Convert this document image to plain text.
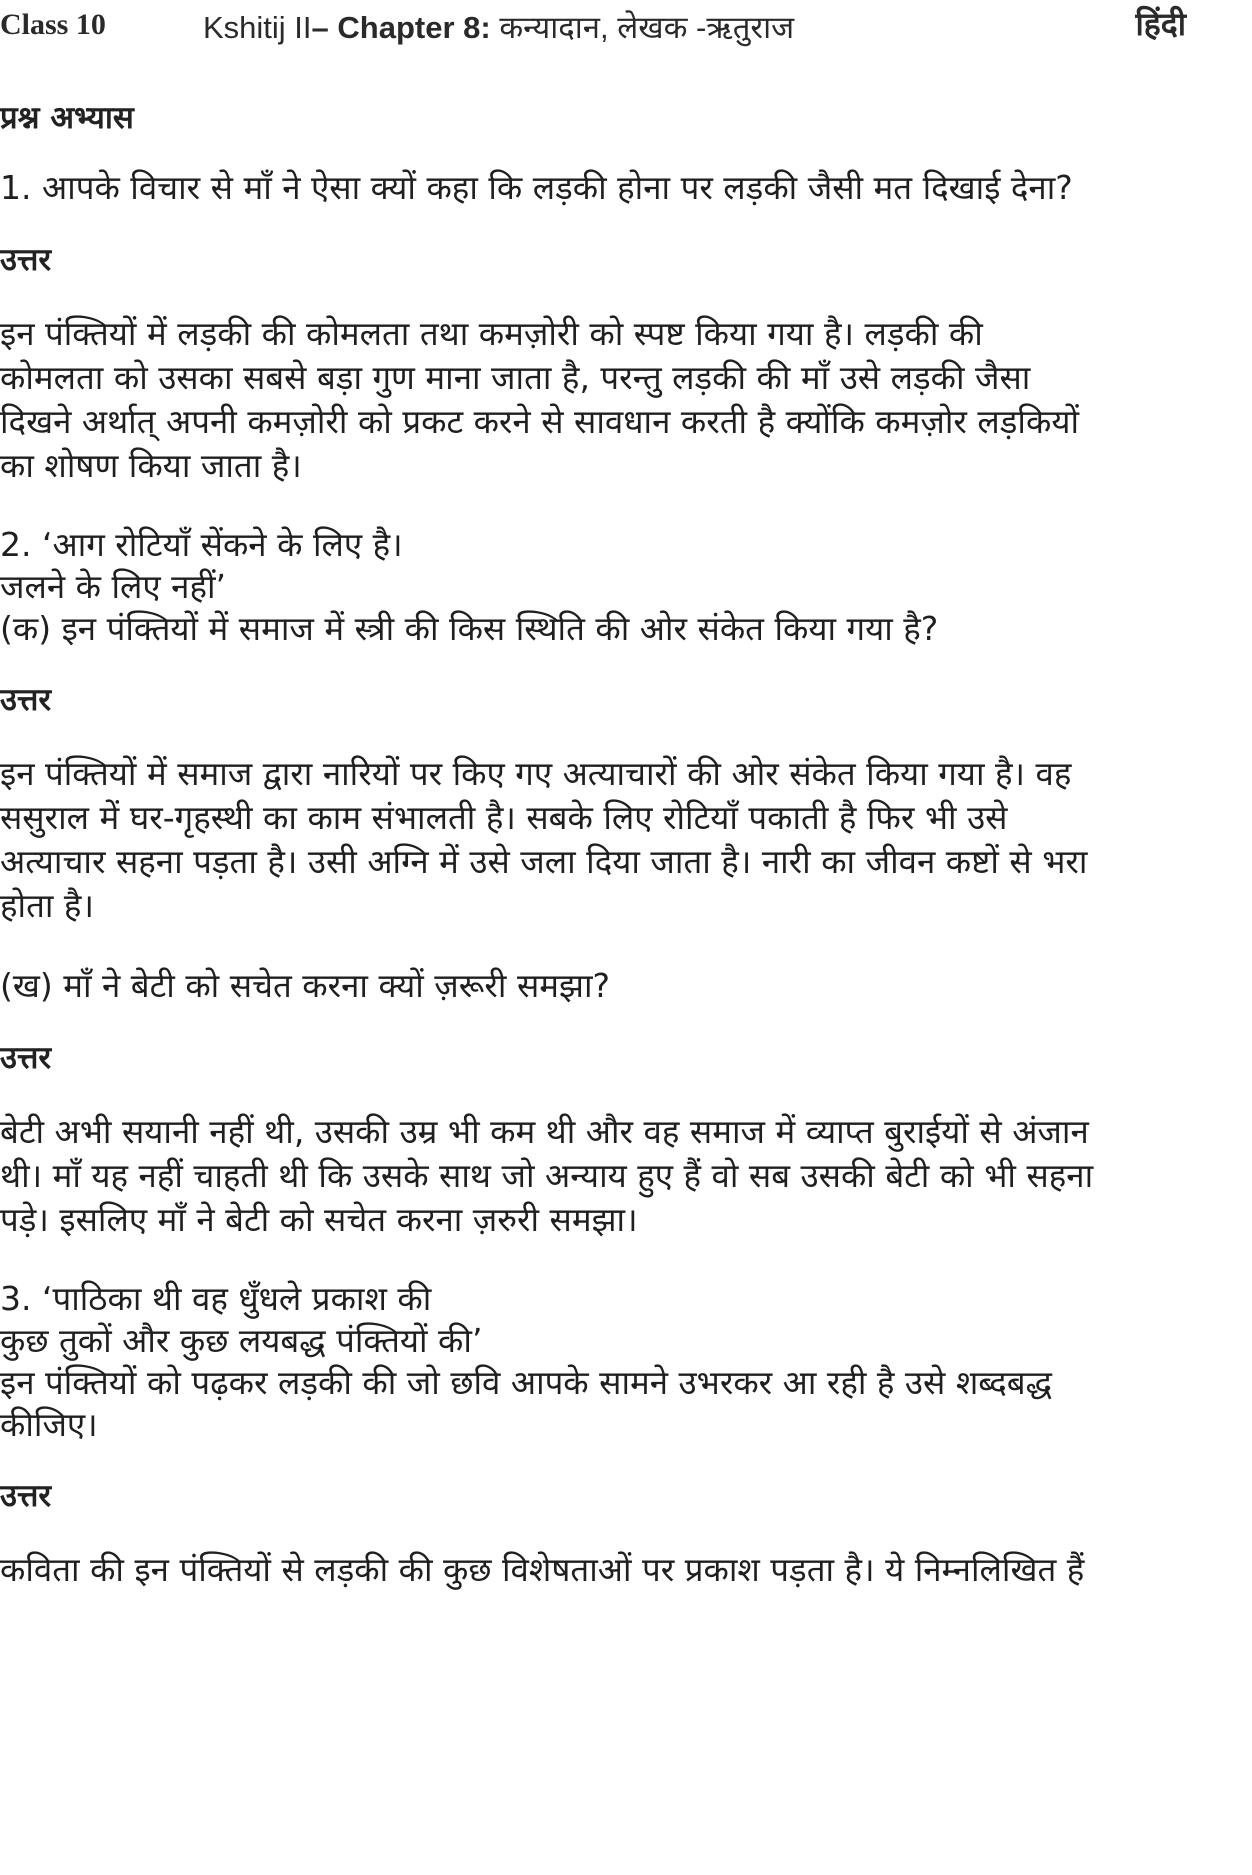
Class 10	Kshitij II– Chapter 8: कन्यादान, लेखक -ऋतुराज	हिंदी
प्रश्न अभ्यास

1. आपके विचार से माँ ने ऐसा क्यों कहा कि लड़की होना पर लड़की जैसी मत दिखाई देना?

उत्तर

इन पंक्तियों में लड़की की कोमलता तथा कमज़ोरी को स्पष्ट किया गया है। लड़की की

कोमलता को उसका सबसे बड़ा गुण माना जाता है, परन्तु लड़की की माँ उसे लड़की जैसा

दिखने अर्थात् अपनी कमज़ोरी को प्रकट करने से सावधान करती है क्योंकि कमज़ोर लड़कियों

का शोषण किया जाता है।

2. ‘आग रोटियाँ सेंकने के लिए है।

जलने के लिए नहीं’

(क) इन पंक्तियों में समाज में स्त्री की किस स्थिति की ओर संकेत किया गया है?

उत्तर

इन पंक्तियों में समाज द्वारा नारियों पर किए गए अत्याचारों की ओर संकेत किया गया है। वह

ससुराल में घर-गृहस्थी का काम संभालती है। सबके लिए रोटियाँ पकाती है फिर भी उसे

अत्याचार सहना पड़ता है। उसी अग्नि में उसे जला दिया जाता है। नारी का जीवन कष्टों से भरा

होता है।

(ख) माँ ने बेटी को सचेत करना क्यों ज़रूरी समझा?

उत्तर

बेटी अभी सयानी नहीं थी, उसकी उम्र भी कम थी और वह समाज में व्याप्त बुराईयों से अंजान

थी। माँ यह नहीं चाहती थी कि उसके साथ जो अन्याय हुए हैं वो सब उसकी बेटी को भी सहना

पड़े। इसलिए माँ ने बेटी को सचेत करना ज़रुरी समझा।

3. ‘पाठिका थी वह धुँधले प्रकाश की

कुछ तुकों और कुछ लयबद्ध पंक्तियों की’

इन पंक्तियों को पढ़कर लड़की की जो छवि आपके सामने उभरकर आ रही है उसे शब्दबद्ध

कीजिए।

उत्तर

कविता की इन पंक्तियों से लड़की की कुछ विशेषताओं पर प्रकाश पड़ता है। ये निम्नलिखित हैं
